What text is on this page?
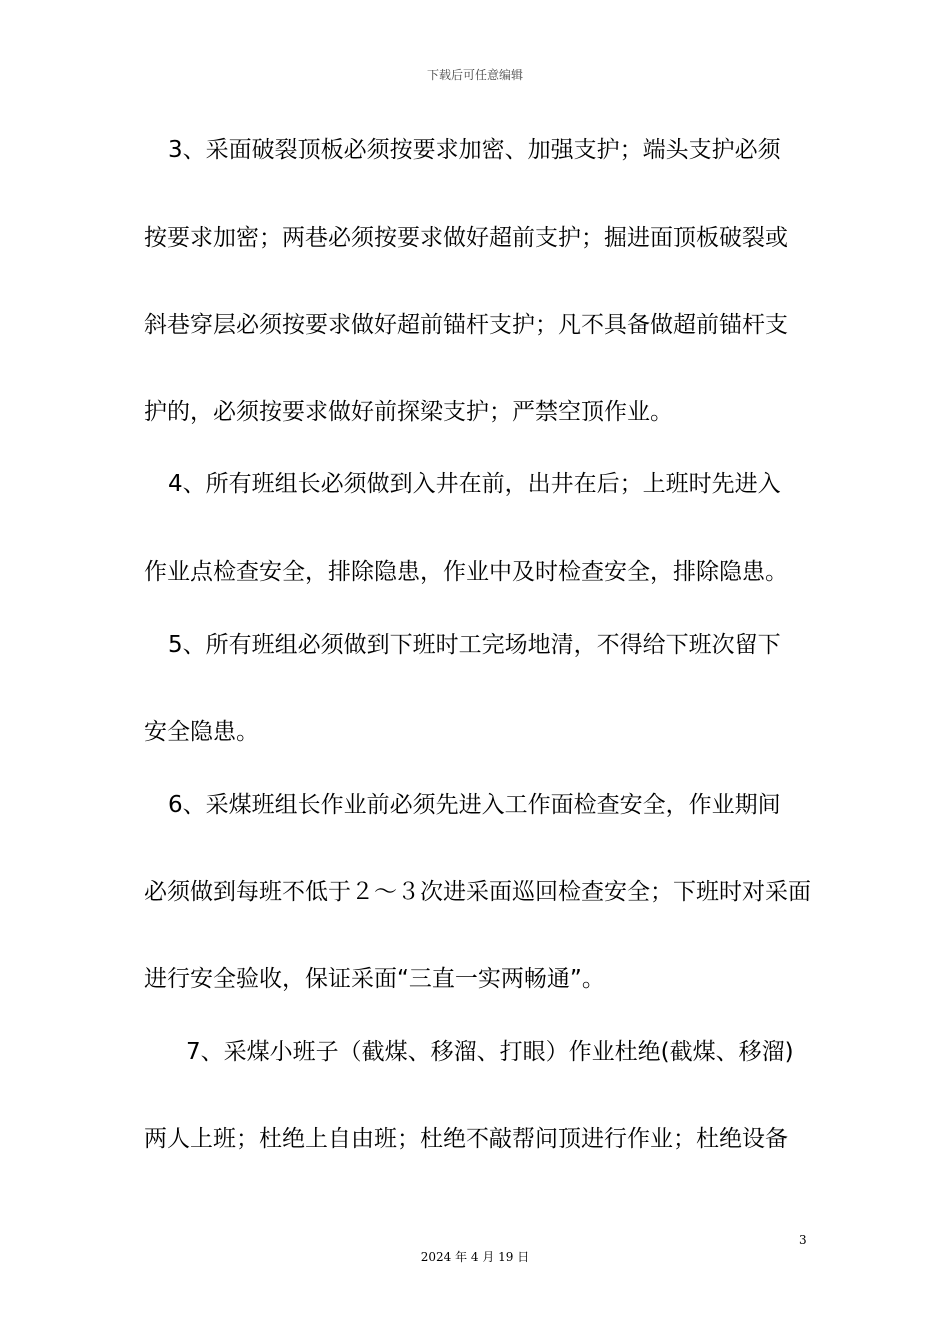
下载后可任意编辑
3、采面破裂顶板必须按要求加密、加强支护；端头支护必须
按要求加密；两巷必须按要求做好超前支护；掘进面顶板破裂或
斜巷穿层必须按要求做好超前锚杆支护；凡不具备做超前锚杆支
护的，必须按要求做好前探梁支护；严禁空顶作业。
4、所有班组长必须做到入井在前，出井在后；上班时先进入
作业点检查安全，排除隐患，作业中及时检查安全，排除隐患。
5、所有班组必须做到下班时工完场地清，不得给下班次留下
安全隐患。
6、采煤班组长作业前必须先进入工作面检查安全，作业期间
必须做到每班不低于２～３次进采面巡回检查安全；下班时对采面
进行安全验收，保证采面“三直一实两畅通”。
7、采煤小班子（截煤、移溜、打眼）作业杜绝(截煤、移溜)
两人上班；杜绝上自由班；杜绝不敲帮问顶进行作业；杜绝设备
3
2024 年 4 月 19 日
